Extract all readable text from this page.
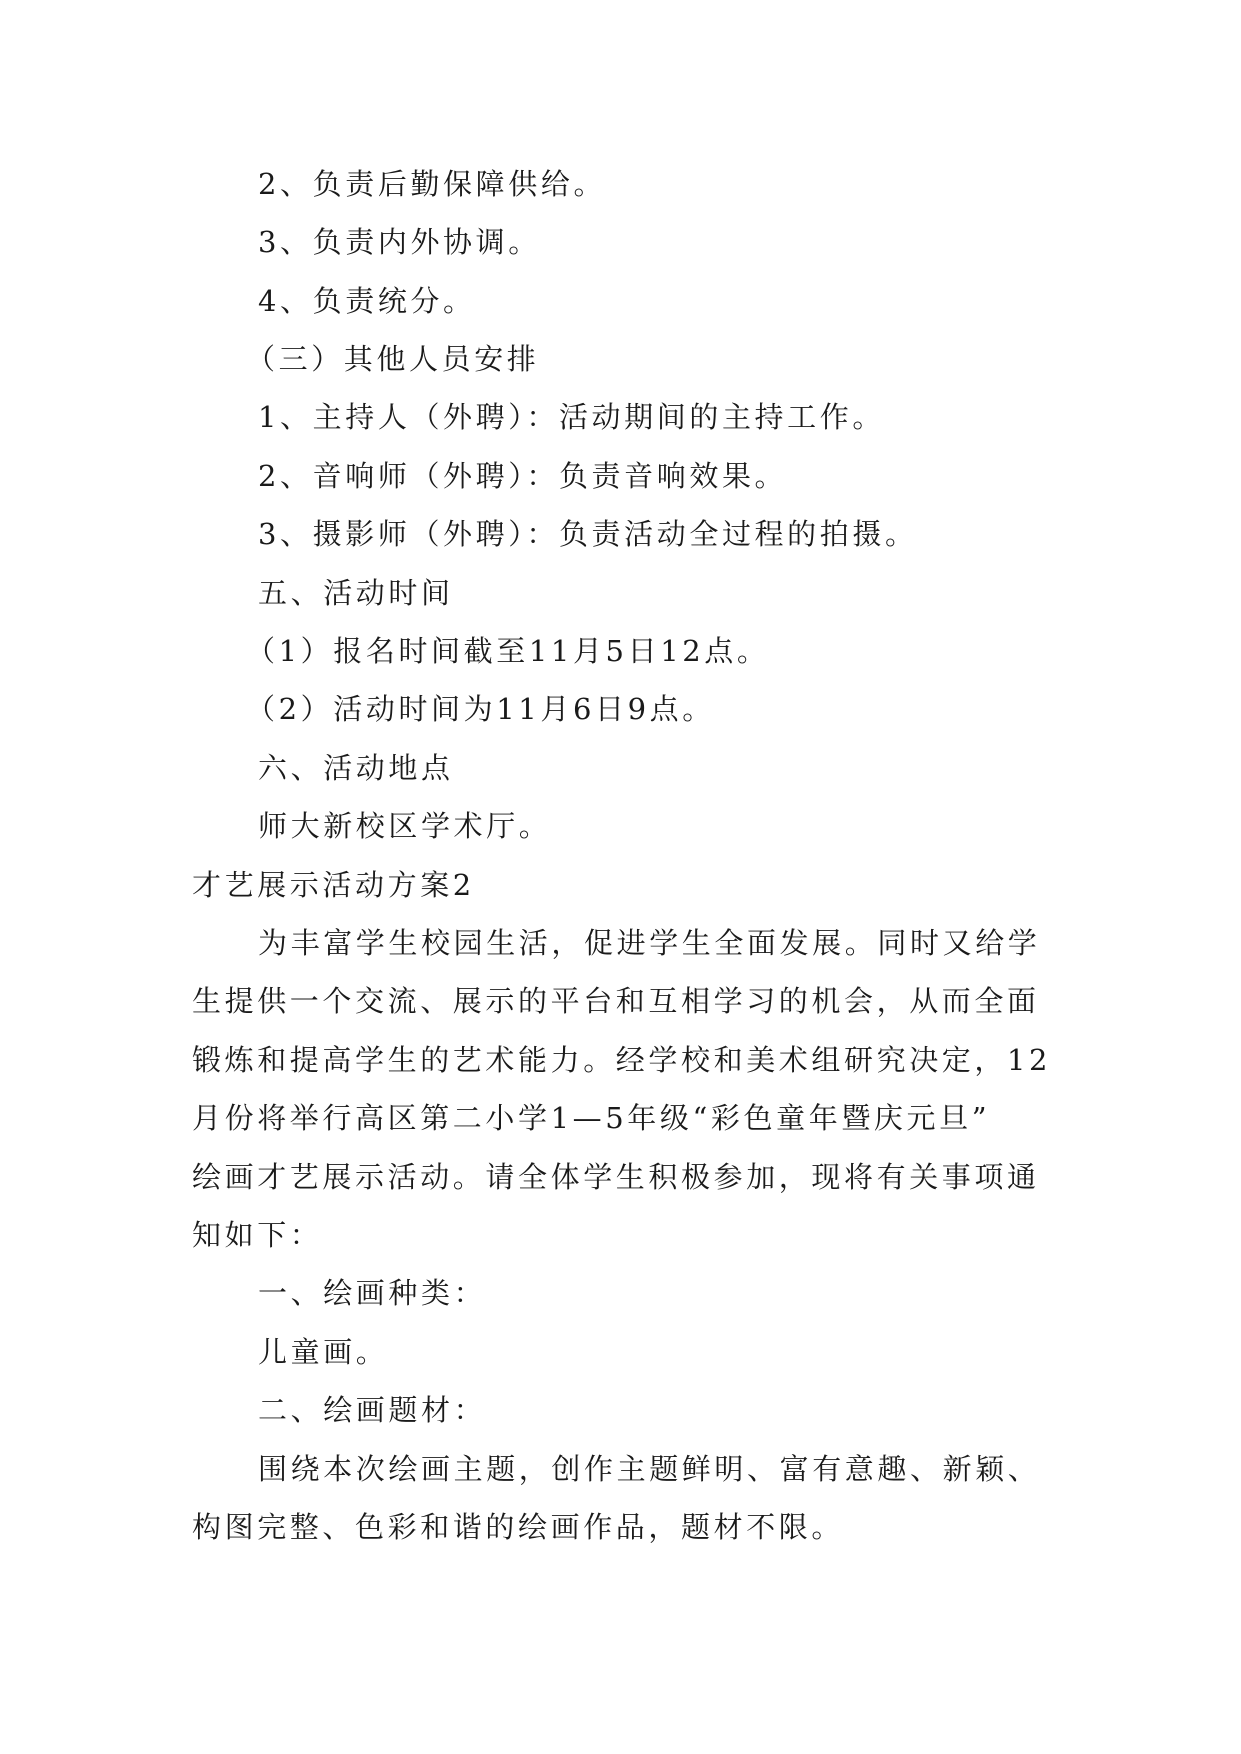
2、负责后勤保障供给。

3、负责内外协调。

4、负责统分。

（三）其他人员安排

1、主持人（外聘）：活动期间的主持工作。

2、音响师（外聘）：负责音响效果。

3、摄影师（外聘）：负责活动全过程的拍摄。

五、活动时间

（1）报名时间截至11月5日12点。

（2）活动时间为11月6日9点。

六、活动地点

师大新校区学术厅。

才艺展示活动方案2

为丰富学生校园生活，促进学生全面发展。同时又给学

生提供一个交流、展示的平台和互相学习的机会，从而全面

锻炼和提高学生的艺术能力。经学校和美术组研究决定，12

月份将举行高区第二小学1—5年级“彩色童年暨庆元旦”

绘画才艺展示活动。请全体学生积极参加，现将有关事项通

知如下：

一、绘画种类：

儿童画。

二、绘画题材：

围绕本次绘画主题，创作主题鲜明、富有意趣、新颖、

构图完整、色彩和谐的绘画作品，题材不限。
